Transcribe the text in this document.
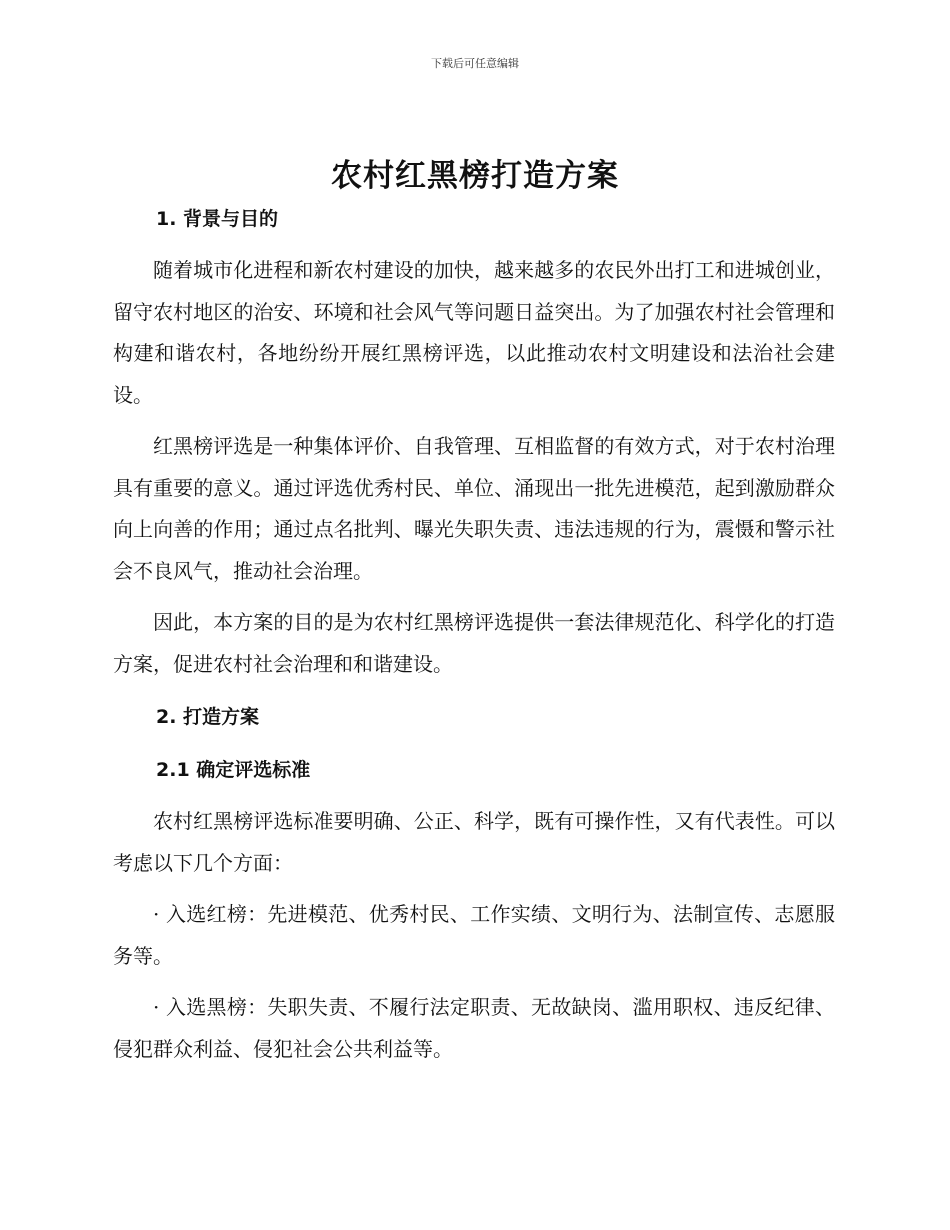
下载后可任意编辑
农村红黑榜打造方案
1. 背景与目的

随着城市化进程和新农村建设的加快，越来越多的农民外出打工和进城创业，留守农村地区的治安、环境和社会风气等问题日益突出。为了加强农村社会管理和构建和谐农村，各地纷纷开展红黑榜评选，以此推动农村文明建设和法治社会建设。

红黑榜评选是一种集体评价、自我管理、互相监督的有效方式，对于农村治理具有重要的意义。通过评选优秀村民、单位、涌现出一批先进模范，起到激励群众向上向善的作用；通过点名批判、曝光失职失责、违法违规的行为，震慑和警示社会不良风气，推动社会治理。

因此，本方案的目的是为农村红黑榜评选提供一套法律规范化、科学化的打造方案，促进农村社会治理和和谐建设。

2. 打造方案
2.1 确定评选标准

农村红黑榜评选标准要明确、公正、科学，既有可操作性，又有代表性。可以考虑以下几个方面：

· 入选红榜：先进模范、优秀村民、工作实绩、文明行为、法制宣传、志愿服务等。

· 入选黑榜：失职失责、不履行法定职责、无故缺岗、滥用职权、违反纪律、侵犯群众利益、侵犯社会公共利益等。
